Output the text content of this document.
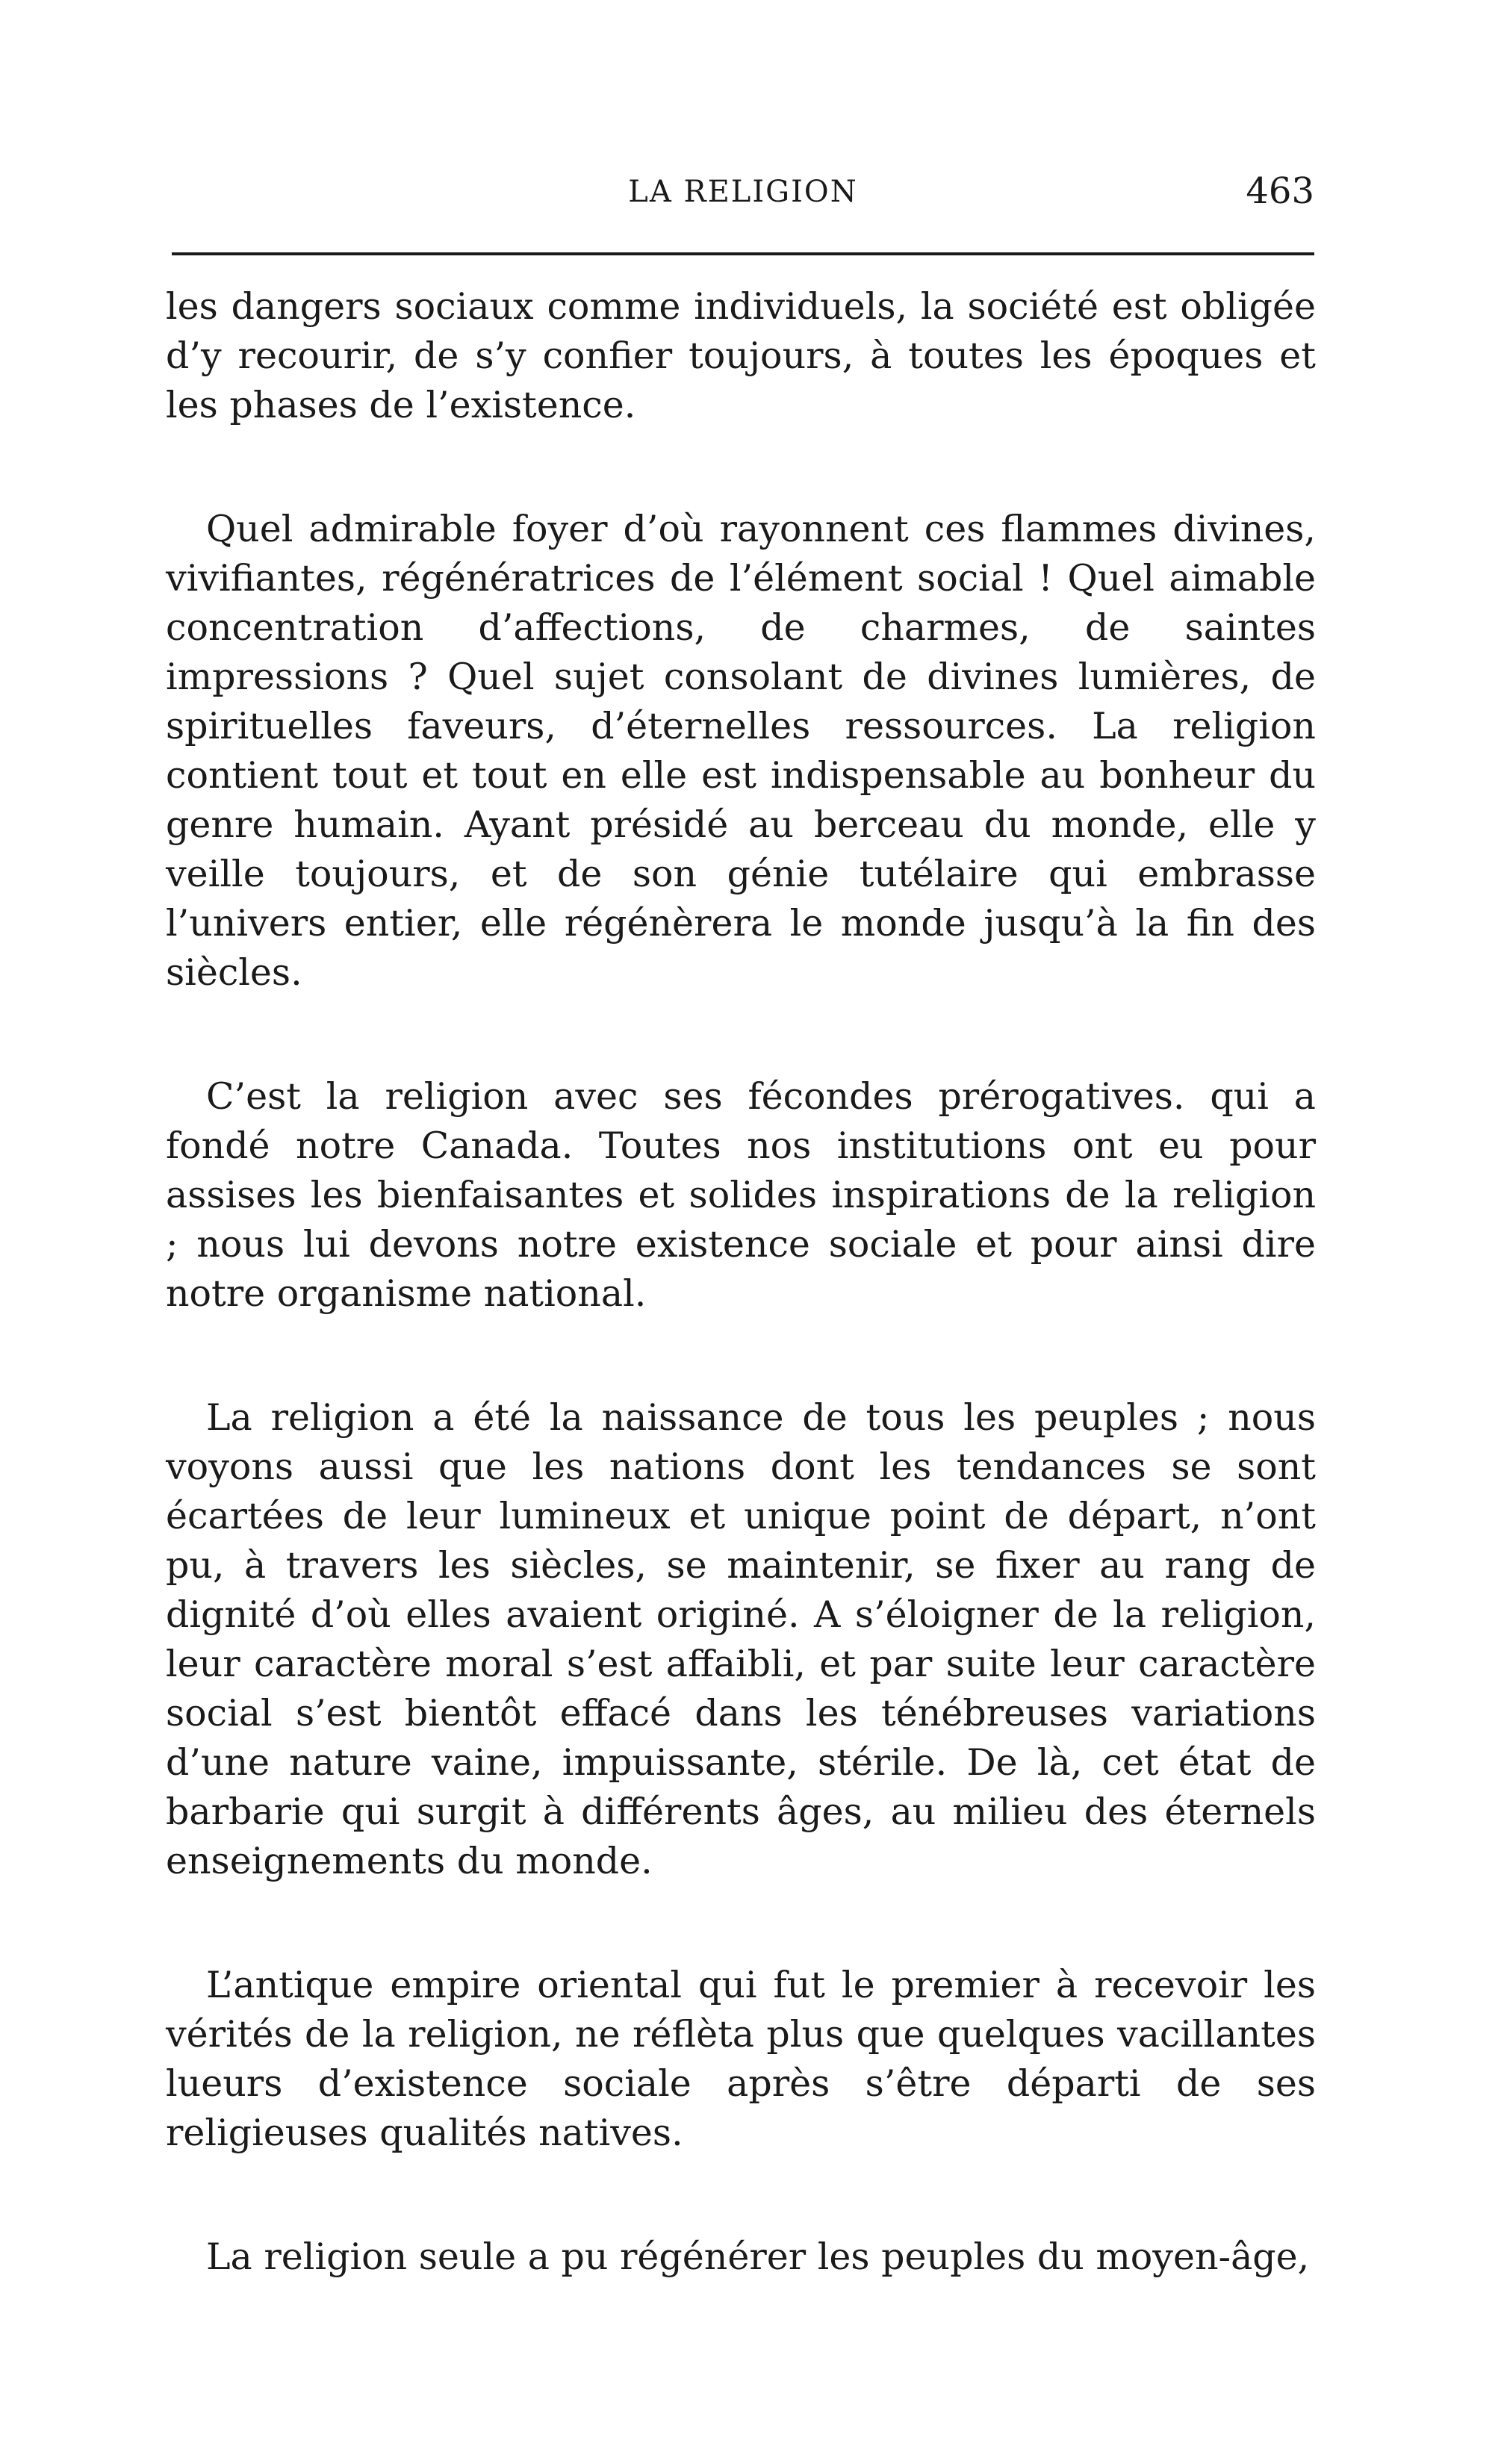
LA RELIGION	463

les dangers sociaux comme individuels, la société est obligée d’y recourir, de s’y confier toujours, à toutes les époques et les phases de l’existence.

Quel admirable foyer d’où rayonnent ces flammes divines, vivifiantes, régénératrices de l’élément social ! Quel aimable concentration d’affections, de charmes, de saintes impressions ? Quel sujet consolant de divines lumières, de spirituelles faveurs, d’éternelles ressources. La religion contient tout et tout en elle est indispensable au bonheur du genre humain. Ayant présidé au berceau du monde, elle y veille toujours, et de son génie tutélaire qui embrasse l’univers entier, elle régénèrera le monde jusqu’à la fin des siècles.

C’est la religion avec ses fécondes prérogatives. qui a fondé notre Canada. Toutes nos institutions ont eu pour assises les bienfaisantes et solides inspirations de la religion ; nous lui devons notre existence sociale et pour ainsi dire notre organisme national.

La religion a été la naissance de tous les peuples ; nous voyons aussi que les nations dont les tendances se sont écartées de leur lumineux et unique point de départ, n’ont pu, à travers les siècles, se maintenir, se fixer au rang de dignité d’où elles avaient originé. A s’éloigner de la religion, leur caractère moral s’est affaibli, et par suite leur caractère social s’est bientôt effacé dans les ténébreuses variations d’une nature vaine, impuissante, stérile. De là, cet état de barbarie qui surgit à différents âges, au milieu des éternels enseignements du monde.

L’antique empire oriental qui fut le premier à recevoir les vérités de la religion, ne réflèta plus que quelques vacillantes lueurs d’existence sociale après s’être départi de ses religieuses qualités natives.

La religion seule a pu régénérer les peuples du moyen-âge,
